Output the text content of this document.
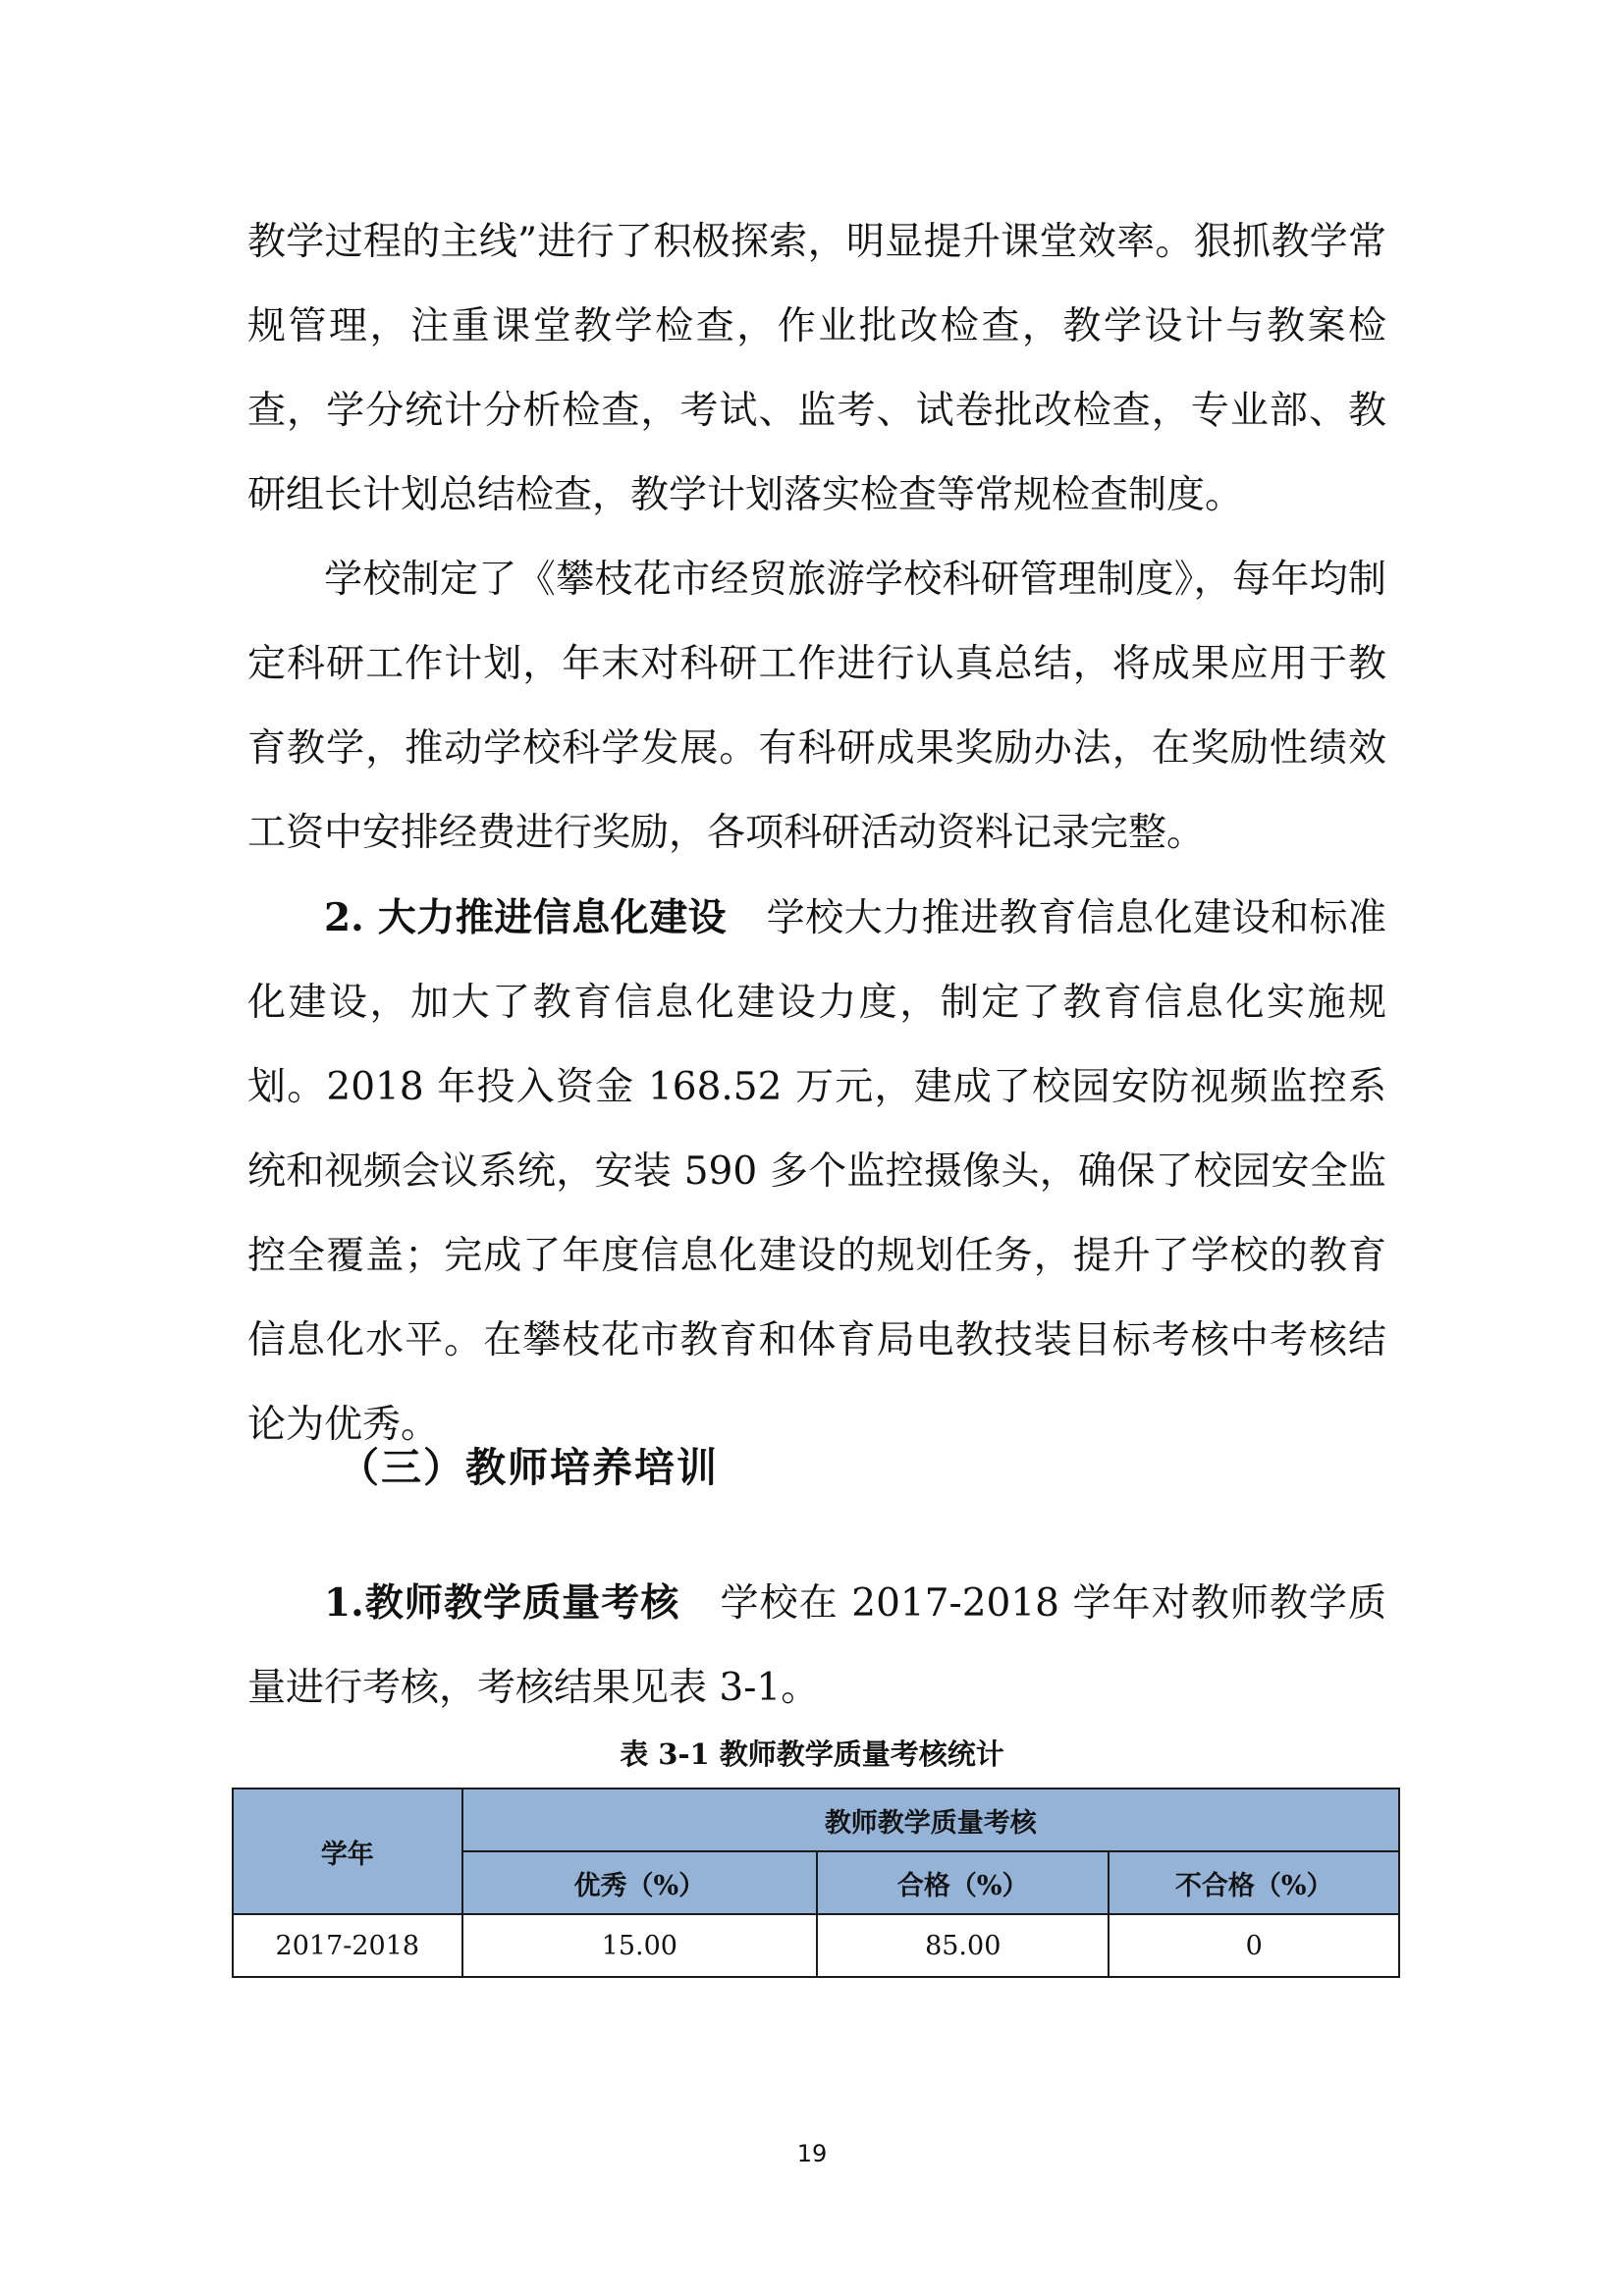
教学过程的主线”进行了积极探索，明显提升课堂效率。狠抓教学常规管理，注重课堂教学检查，作业批改检查，教学设计与教案检查，学分统计分析检查，考试、监考、试卷批改检查，专业部、教研组长计划总结检查，教学计划落实检查等常规检查制度。

学校制定了《攀枝花市经贸旅游学校科研管理制度》，每年均制定科研工作计划，年末对科研工作进行认真总结，将成果应用于教育教学，推动学校科学发展。有科研成果奖励办法，在奖励性绩效工资中安排经费进行奖励，各项科研活动资料记录完整。

2. 大力推进信息化建设 学校大力推进教育信息化建设和标准化建设，加大了教育信息化建设力度，制定了教育信息化实施规划。2018 年投入资金 168.52 万元，建成了校园安防视频监控系统和视频会议系统，安装 590 多个监控摄像头，确保了校园安全监控全覆盖；完成了年度信息化建设的规划任务，提升了学校的教育信息化水平。在攀枝花市教育和体育局电教技装目标考核中考核结论为优秀。

（三）教师培养培训

1.教师教学质量考核 学校在 2017-2018 学年对教师教学质量进行考核，考核结果见表 3-1。

表 3-1 教师教学质量考核统计
学年	教师教学质量考核		
	优秀（%）	合格（%）	不合格（%）
2017-2018	15.00	85.00	0
19
